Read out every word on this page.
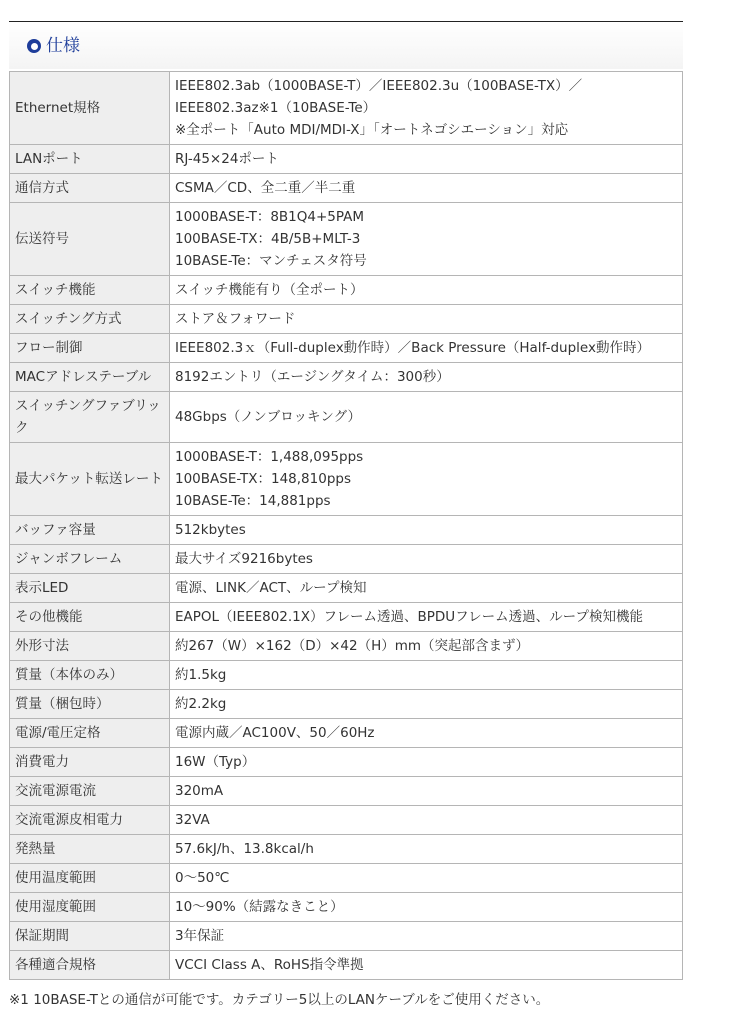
仕様
Ethernet規格	IEEE802.3ab（1000BASE-T）／IEEE802.3u（100BASE-TX）／
IEEE802.3az※1（10BASE-Te）
※全ポート「Auto MDI/MDI-X」「オートネゴシエーション」対応

LANポート	RJ-45×24ポート

通信方式	CSMA／CD、全二重／半二重

伝送符号	1000BASE-T：8B1Q4+5PAM
100BASE-TX：4B/5B+MLT-3
10BASE-Te：マンチェスタ符号

スイッチ機能	スイッチ機能有り（全ポート）

スイッチング方式	ストア＆フォワード

フロー制御	IEEE802.3ｘ（Full-duplex動作時）／Back Pressure（Half-duplex動作時）

MACアドレステーブル	8192エントリ（エージングタイム：300秒）

スイッチングファブリック	48Gbps（ノンブロッキング）

最大パケット転送レート	1000BASE-T：1,488,095pps
100BASE-TX：148,810pps
10BASE-Te：14,881pps

バッファ容量	512kbytes

ジャンボフレーム	最大サイズ9216bytes

表示LED	電源、LINK／ACT、ループ検知

その他機能	EAPOL（IEEE802.1X）フレーム透過、BPDUフレーム透過、ループ検知機能

外形寸法	約267（W）×162（D）×42（H）mm（突起部含まず）

質量（本体のみ）	約1.5kg

質量（梱包時）	約2.2kg

電源/電圧定格	電源内蔵／AC100V、50／60Hz

消費電力	16W（Typ）

交流電源電流	320mA

交流電源皮相電力	32VA

発熱量	57.6kJ/h、13.8kcal/h

使用温度範囲	0～50℃

使用湿度範囲	10～90%（結露なきこと）

保証期間	3年保証

各種適合規格	VCCI Class A、RoHS指令準拠
※1 10BASE-Tとの通信が可能です。カテゴリー5以上のLANケーブルをご使用ください。
